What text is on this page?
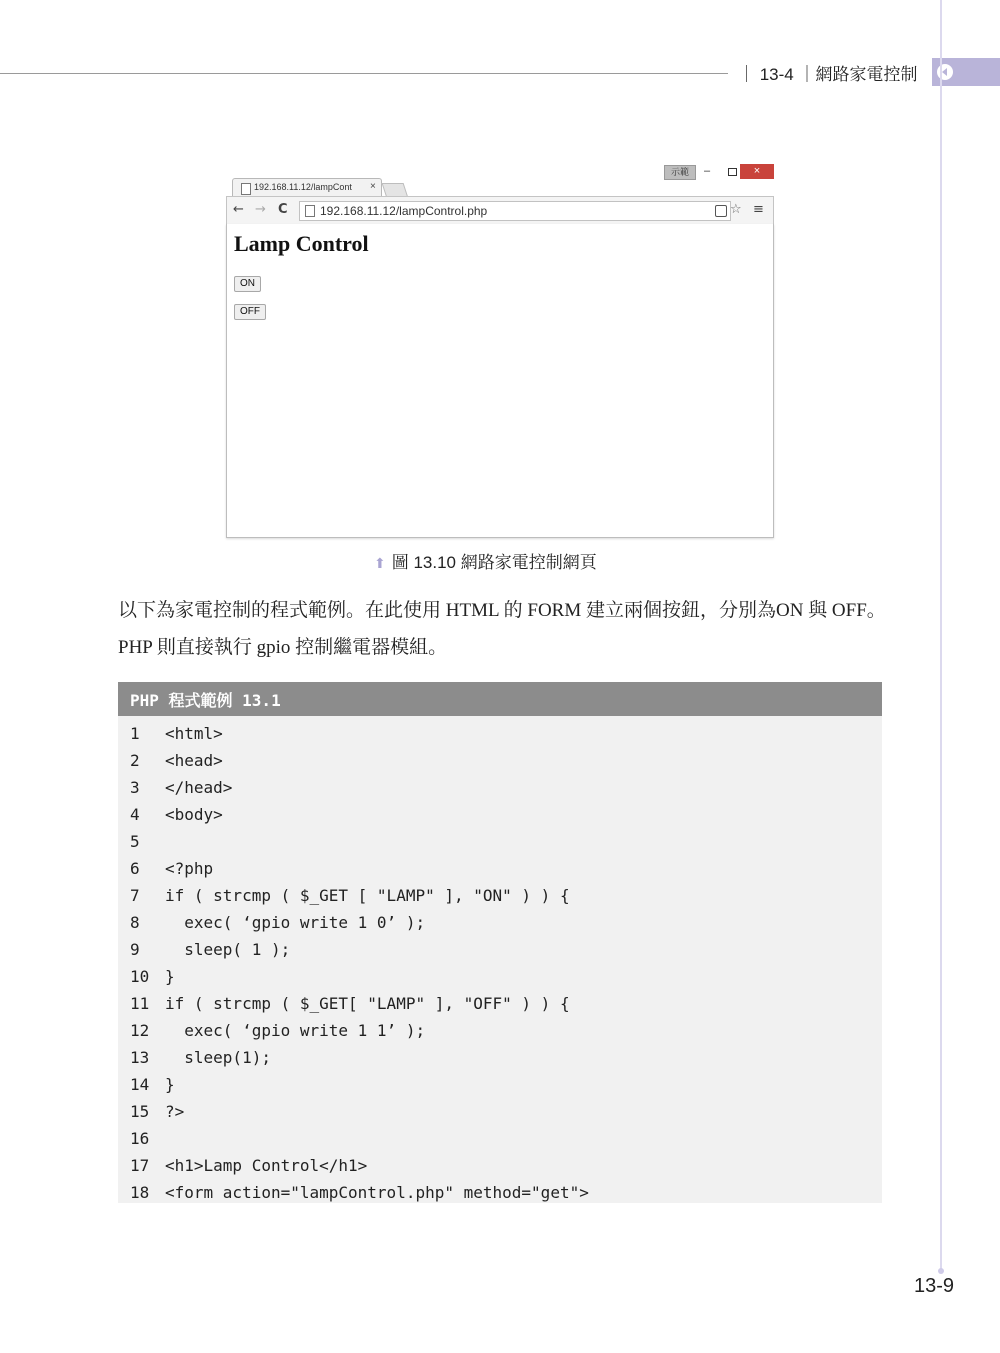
｜ 13-4 ｜網路家電控制
192.168.11.12/lampCont ×
示範	–	×
← → C	192.168.11.12/lampControl.php	☆ ≡
Lamp Control
ON
OFF
⬆ 圖 13.10 網路家電控制網頁
以下為家電控制的程式範例。在此使用 HTML 的 FORM 建立兩個按鈕，分別為ON 與 OFF。PHP 則直接執行 gpio 控制繼電器模組。
PHP 程式範例 13.1
1 <html>
2 <head>
3 </head>
4 <body>
5
6 <?php
7 if ( strcmp ( $_GET [ "LAMP" ], "ON" ) ) {
8  exec( ‘gpio write 1 0’ );
9  sleep( 1 );
10 }
11 if ( strcmp ( $_GET[ "LAMP" ], "OFF" ) ) {
12  exec( ‘gpio write 1 1’ );
13  sleep(1);
14 }
15 ?>
16
17 <h1>Lamp Control</h1>
18 <form action="lampControl.php" method="get">
13-9
